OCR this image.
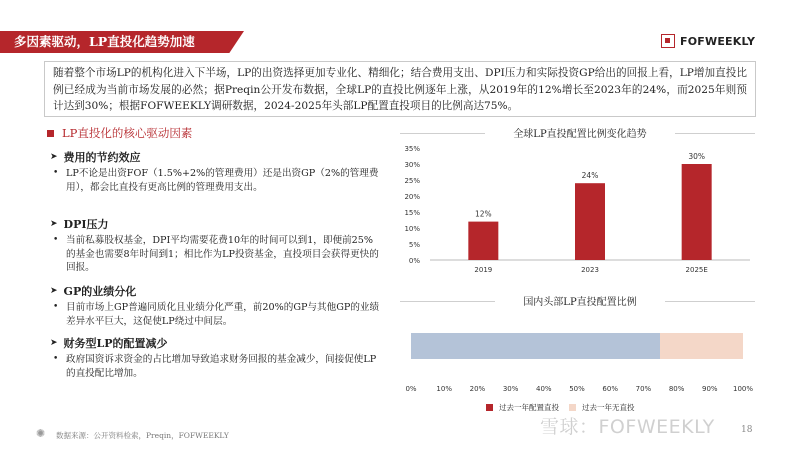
多因素驱动，LP直投化趋势加速	FOFWEEKLY
随着整个市场LP的机构化进入下半场，LP的出资选择更加专业化、精细化；结合费用支出、DPI压力和实际投资GP给出的回报上看，LP增加直投比例已经成为当前市场发展的必然；据Preqin公开发布数据，全球LP的直投比例逐年上涨，从2019年的12%增长至2023年的24%，而2025年则预计达到30%；根据FOFWEEKLY调研数据，2024-2025年头部LP配置直投项目的比例高达75%。
LP直投化的核心驱动因素
➤ 费用的节约效应
• LP不论是出资FOF（1.5%+2%的管理费用）还是出资GP（2%的管理费用），都会比直投有更高比例的管理费用支出。
➤ DPI压力
• 当前私募股权基金，DPI平均需要花费10年的时间可以到1，即便前25%的基金也需要8年时间到1；相比作为LP投资基金，直投项目会获得更快的回报。
➤ GP的业绩分化
• 目前市场上GP普遍同质化且业绩分化严重，前20%的GP与其他GP的业绩差异水平巨大，这促使LP绕过中间层。
➤ 财务型LP的配置减少
• 政府国资诉求资金的占比增加导致追求财务回报的基金减少，间接促使LP的直投配比增加。
全球LP直投配置比例变化趋势
0%
5%
10%
15%
20%
25%
30%
35%
12%
2019
24%
2023
30%
2025E
国内头部LP直投配置比例
0%	10%	20%	30%	40%	50%	60%	70%	80%	90% 100%
过去一年配置直投	过去一年无直投
✺	数据来源：公开资料检索，Preqin，FOFWEEKLY	雪球：FOFWEEKLY	18
